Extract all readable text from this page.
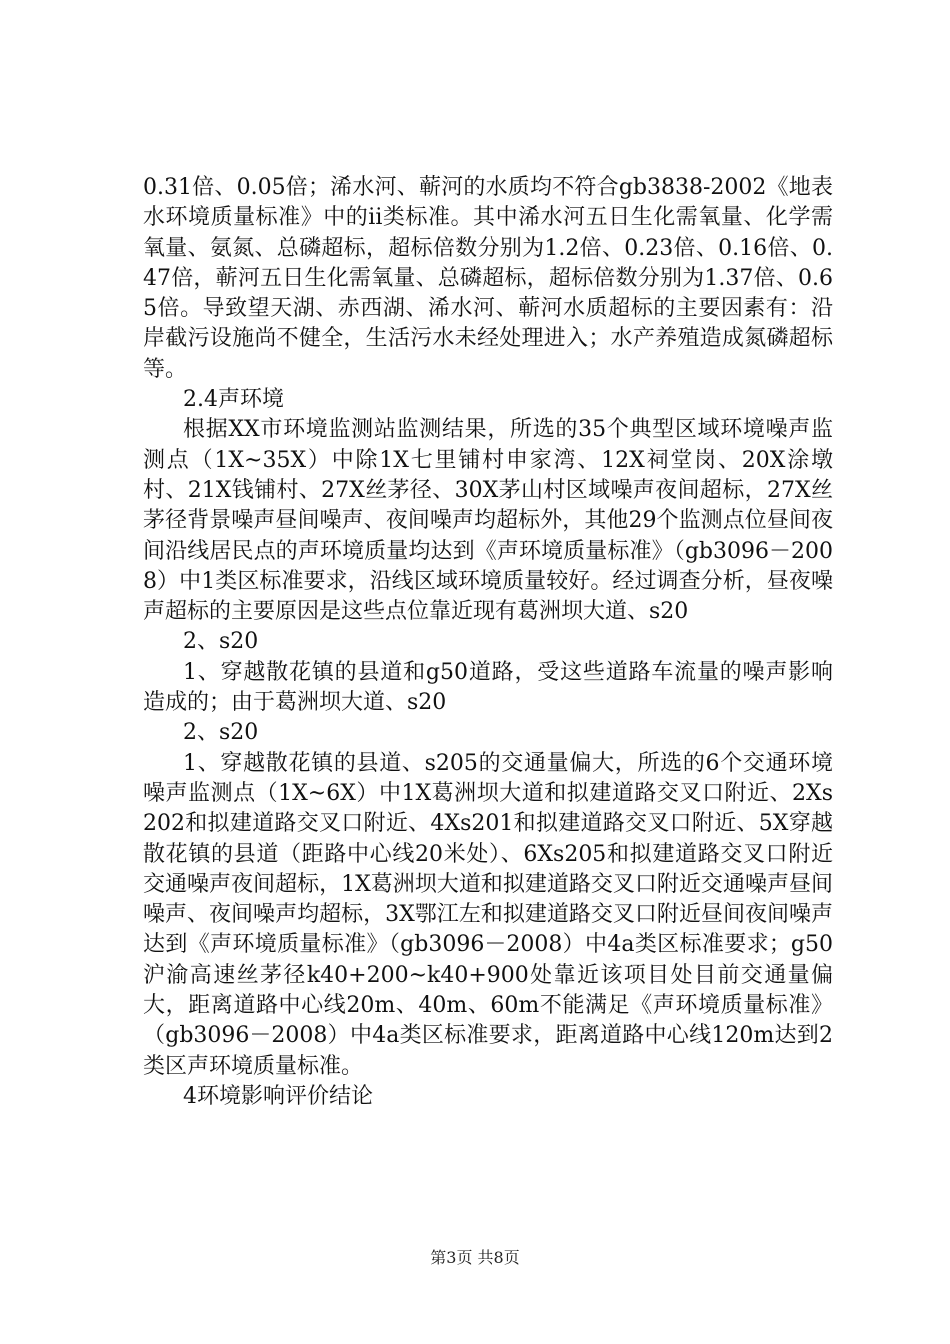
0.31倍、0.05倍；浠水河、蕲河的水质均不符合gb3838-2002《地表水环境质量标准》中的ii类标准。其中浠水河五日生化需氧量、化学需氧量、氨氮、总磷超标，超标倍数分别为1.2倍、0.23倍、0.16倍、0.47倍，蕲河五日生化需氧量、总磷超标，超标倍数分别为1.37倍、0.65倍。导致望天湖、赤西湖、浠水河、蕲河水质超标的主要因素有：沿岸截污设施尚不健全，生活污水未经处理进入；水产养殖造成氮磷超标等。

2.4声环境

根据XX市环境监测站监测结果，所选的35个典型区域环境噪声监测点（1X~35X）中除1X七里铺村申家湾、12X祠堂岗、20X涂墩村、21X钱铺村、27X丝茅径、30X茅山村区域噪声夜间超标，27X丝茅径背景噪声昼间噪声、夜间噪声均超标外，其他29个监测点位昼间夜间沿线居民点的声环境质量均达到《声环境质量标准》（gb3096－2008）中1类区标准要求，沿线区域环境质量较好。经过调查分析，昼夜噪声超标的主要原因是这些点位靠近现有葛洲坝大道、s20

2、s20

1、穿越散花镇的县道和g50道路，受这些道路车流量的噪声影响造成的；由于葛洲坝大道、s20

2、s20

1、穿越散花镇的县道、s205的交通量偏大，所选的6个交通环境噪声监测点（1X~6X）中1X葛洲坝大道和拟建道路交叉口附近、2Xs202和拟建道路交叉口附近、4Xs201和拟建道路交叉口附近、5X穿越散花镇的县道（距路中心线20米处）、6Xs205和拟建道路交叉口附近交通噪声夜间超标，1X葛洲坝大道和拟建道路交叉口附近交通噪声昼间噪声、夜间噪声均超标，3X鄂江左和拟建道路交叉口附近昼间夜间噪声达到《声环境质量标准》（gb3096－2008）中4a类区标准要求；g50沪渝高速丝茅径k40+200~k40+900处靠近该项目处目前交通量偏大，距离道路中心线20m、40m、60m不能满足《声环境质量标准》（gb3096－2008）中4a类区标准要求，距离道路中心线120m达到2类区声环境质量标准。

4环境影响评价结论

第3页 共8页
